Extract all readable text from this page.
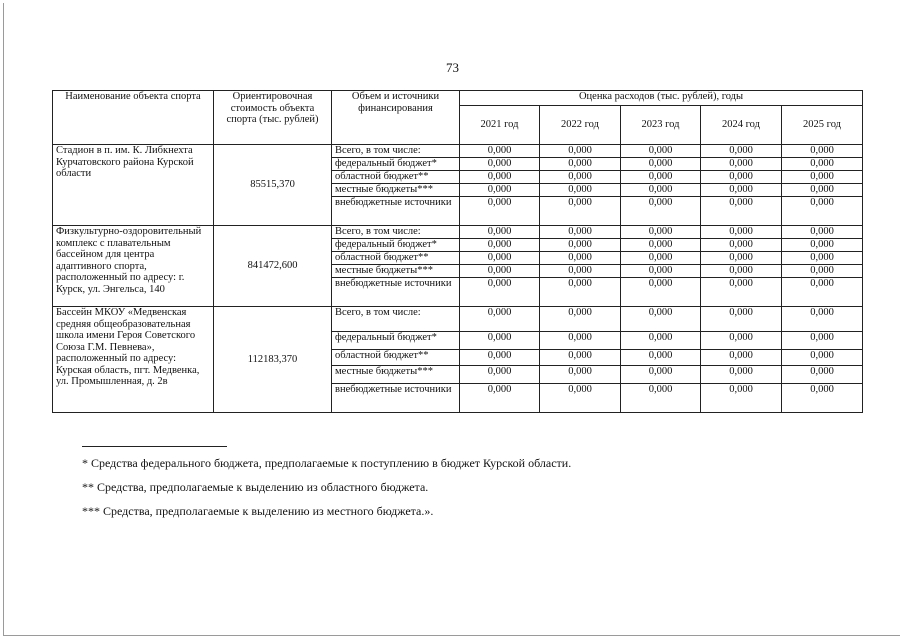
73
Наименование объекта спорта	Ориентировочная стоимость объекта спорта (тыс. рублей)	Объем и источники финансирования	Оценка расходов (тыс. рублей), годы				
			2021 год	2022 год	2023 год	2024 год	2025 год
Стадион в п. им. К. Либкнехта Курчатовского района Курской области	85515,370	Всего, в том числе:	0,000	0,000	0,000	0,000	0,000
		федеральный бюджет*	0,000	0,000	0,000	0,000	0,000
		областной бюджет**	0,000	0,000	0,000	0,000	0,000
		местные бюджеты***	0,000	0,000	0,000	0,000	0,000
		внебюджетные источники	0,000	0,000	0,000	0,000	0,000
Физкультурно-оздоровительный комплекс с плавательным бассейном для центра адаптивного спорта, расположенный по адресу: г. Курск, ул. Энгельса, 140	841472,600	Всего, в том числе:	0,000	0,000	0,000	0,000	0,000
		федеральный бюджет*	0,000	0,000	0,000	0,000	0,000
		областной бюджет**	0,000	0,000	0,000	0,000	0,000
		местные бюджеты***	0,000	0,000	0,000	0,000	0,000
		внебюджетные источники	0,000	0,000	0,000	0,000	0,000
Бассейн МКОУ «Медвенская средняя общеобразовательная школа имени Героя Советского Союза Г.М. Певнева», расположенный по адресу: Курская область, пгт. Медвенка, ул. Промышленная, д. 2в	112183,370	Всего, в том числе:	0,000	0,000	0,000	0,000	0,000
		федеральный бюджет*	0,000	0,000	0,000	0,000	0,000
		областной бюджет**	0,000	0,000	0,000	0,000	0,000
		местные бюджеты***	0,000	0,000	0,000	0,000	0,000
		внебюджетные источники	0,000	0,000	0,000	0,000	0,000

* Средства федерального бюджета, предполагаемые к поступлению в бюджет Курской области.

** Средства, предполагаемые к выделению из областного бюджета.

*** Средства, предполагаемые к выделению из местного бюджета.».
